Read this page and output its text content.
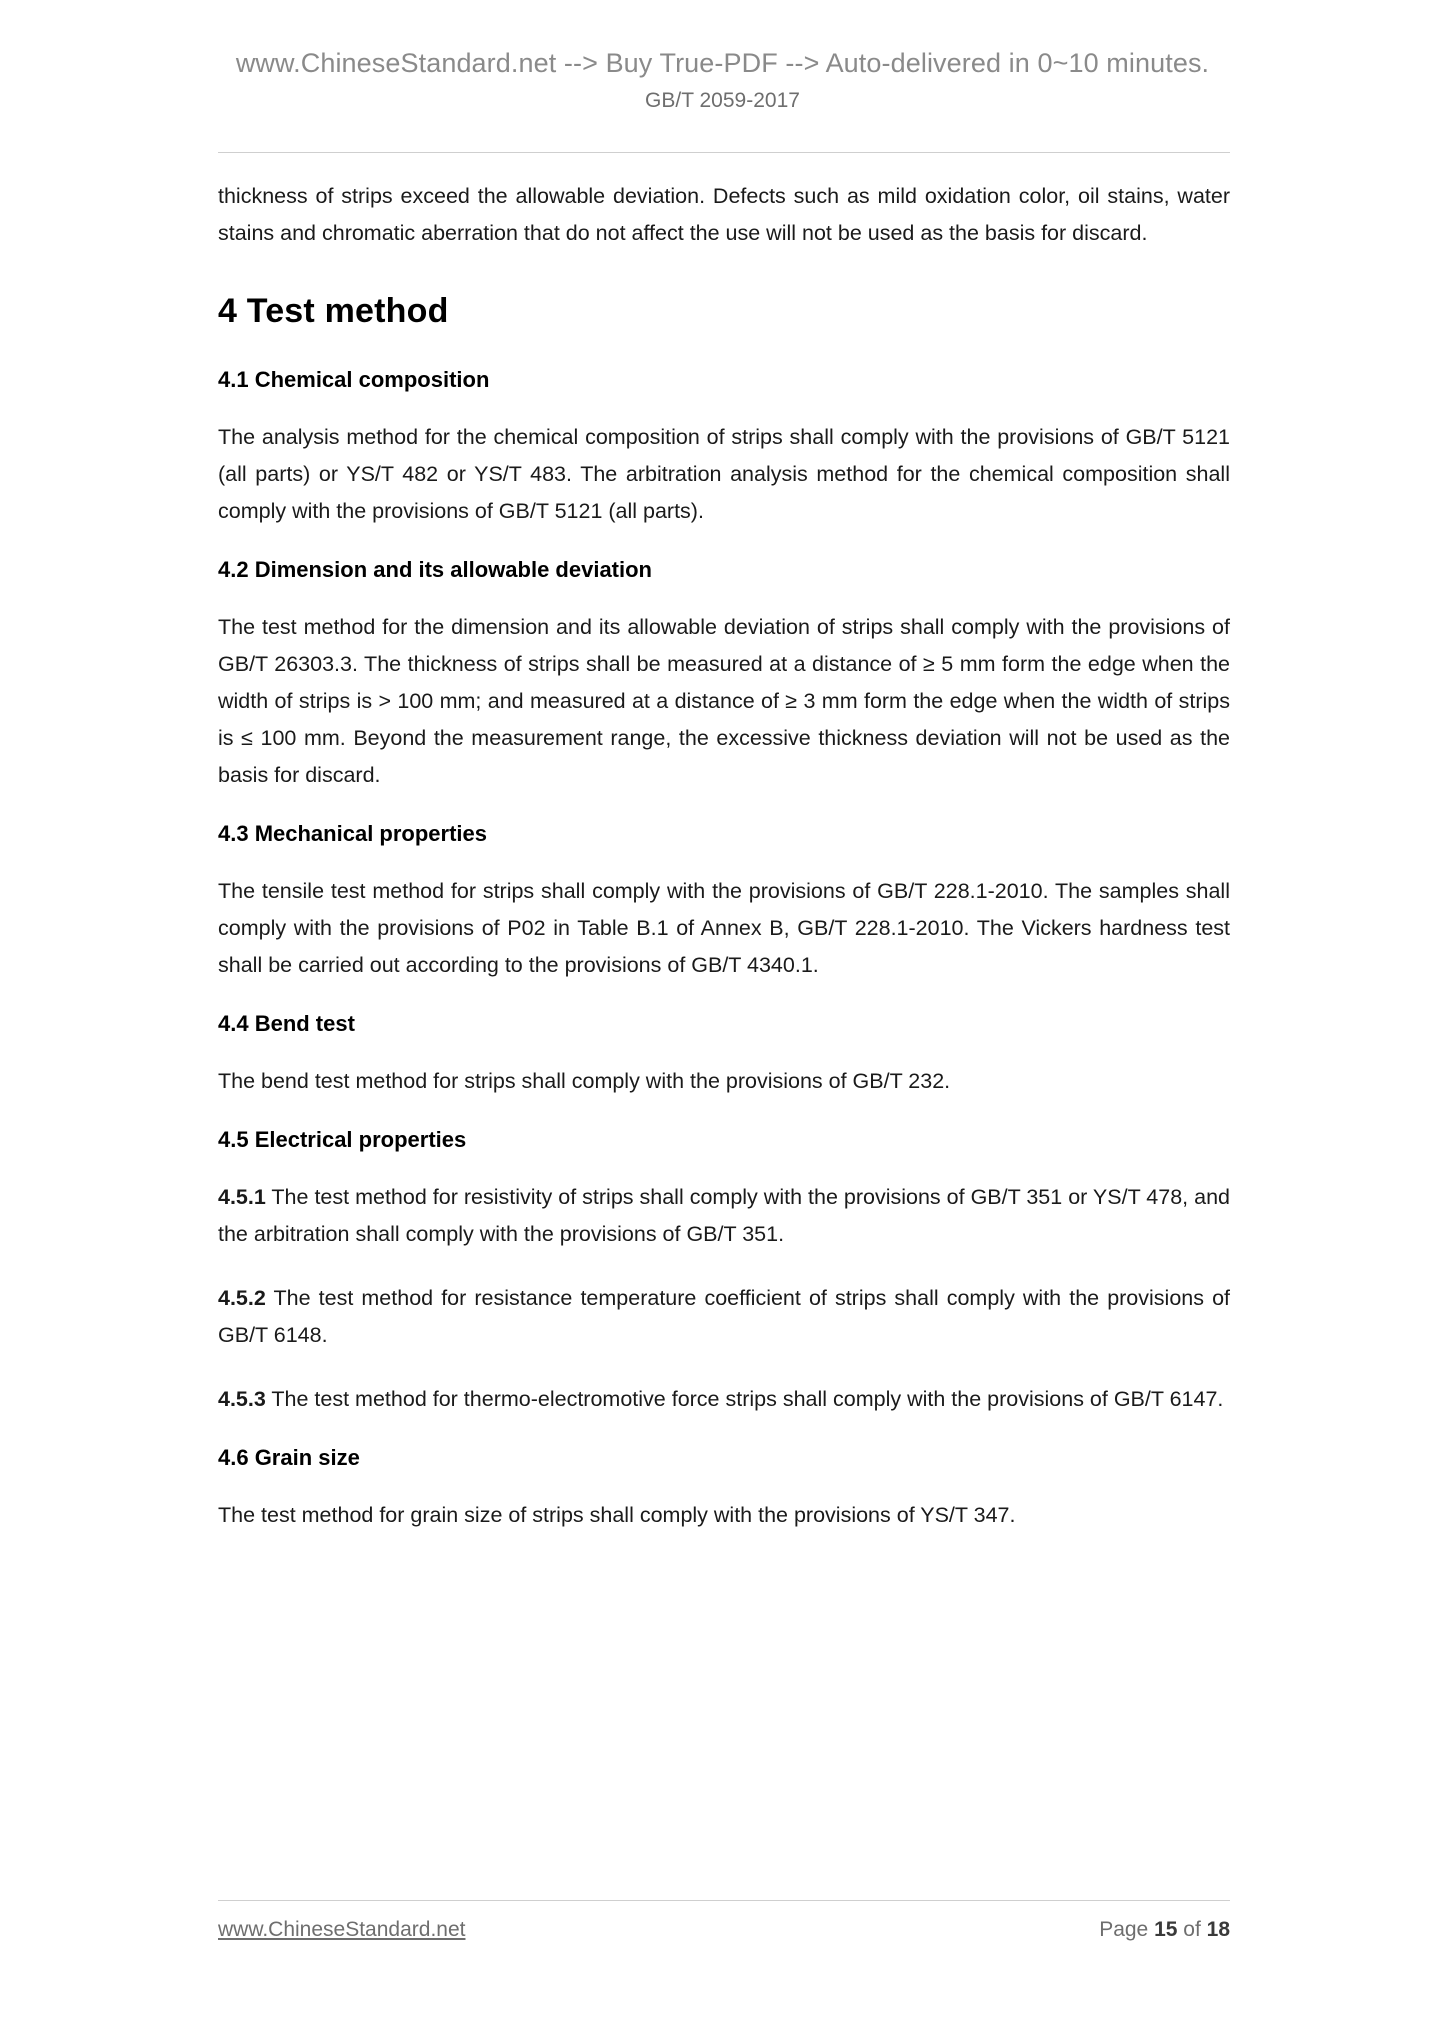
www.ChineseStandard.net --> Buy True-PDF --> Auto-delivered in 0~10 minutes.
GB/T 2059-2017

thickness of strips exceed the allowable deviation. Defects such as mild oxidation color, oil stains, water stains and chromatic aberration that do not affect the use will not be used as the basis for discard.

4 Test method
4.1 Chemical composition

The analysis method for the chemical composition of strips shall comply with the provisions of GB/T 5121 (all parts) or YS/T 482 or YS/T 483. The arbitration analysis method for the chemical composition shall comply with the provisions of GB/T 5121 (all parts).

4.2 Dimension and its allowable deviation

The test method for the dimension and its allowable deviation of strips shall comply with the provisions of GB/T 26303.3. The thickness of strips shall be measured at a distance of ≥ 5 mm form the edge when the width of strips is > 100 mm; and measured at a distance of ≥ 3 mm form the edge when the width of strips is ≤ 100 mm. Beyond the measurement range, the excessive thickness deviation will not be used as the basis for discard.

4.3 Mechanical properties

The tensile test method for strips shall comply with the provisions of GB/T 228.1-2010. The samples shall comply with the provisions of P02 in Table B.1 of Annex B, GB/T 228.1-2010. The Vickers hardness test shall be carried out according to the provisions of GB/T 4340.1.

4.4 Bend test

The bend test method for strips shall comply with the provisions of GB/T 232.

4.5 Electrical properties

4.5.1 The test method for resistivity of strips shall comply with the provisions of GB/T 351 or YS/T 478, and the arbitration shall comply with the provisions of GB/T 351.

4.5.2 The test method for resistance temperature coefficient of strips shall comply with the provisions of GB/T 6148.

4.5.3 The test method for thermo-electromotive force strips shall comply with the provisions of GB/T 6147.

4.6 Grain size

The test method for grain size of strips shall comply with the provisions of YS/T 347.

www.ChineseStandard.net	Page 15 of 18
